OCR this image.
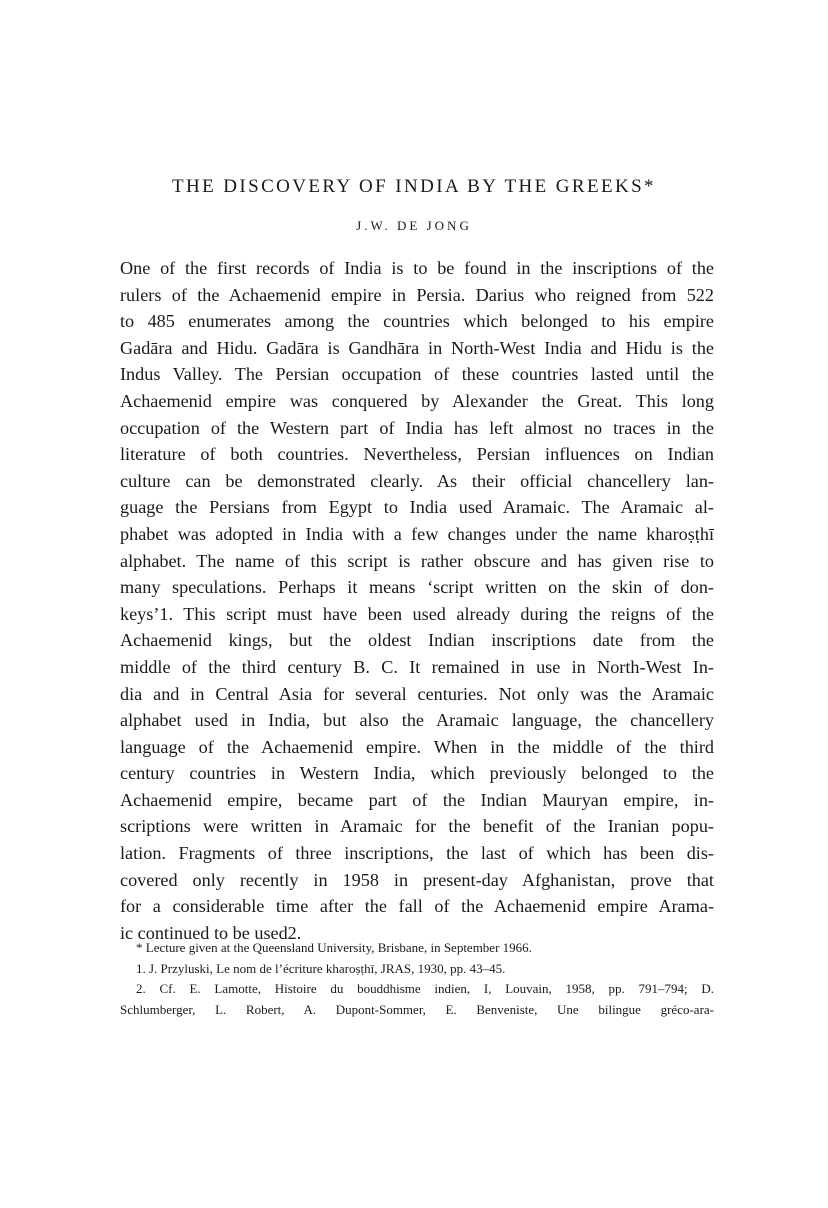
THE DISCOVERY OF INDIA BY THE GREEKS*
J.W. DE JONG
One of the first records of India is to be found in the inscriptions of the
rulers of the Achaemenid empire in Persia. Darius who reigned from 522
to 485 enumerates among the countries which belonged to his empire
Gadāra and Hidu. Gadāra is Gandhāra in North-West India and Hidu is the
Indus Valley. The Persian occupation of these countries lasted until the
Achaemenid empire was conquered by Alexander the Great. This long
occupation of the Western part of India has left almost no traces in the
literature of both countries. Nevertheless, Persian influences on Indian
culture can be demonstrated clearly. As their official chancellery lan-
guage the Persians from Egypt to India used Aramaic. The Aramaic al-
phabet was adopted in India with a few changes under the name kharoṣṭhī
alphabet. The name of this script is rather obscure and has given rise to
many speculations. Perhaps it means ‘script written on the skin of don-
keys’1. This script must have been used already during the reigns of the
Achaemenid kings, but the oldest Indian inscriptions date from the
middle of the third century B. C. It remained in use in North-West In-
dia and in Central Asia for several centuries. Not only was the Aramaic
alphabet used in India, but also the Aramaic language, the chancellery
language of the Achaemenid empire. When in the middle of the third
century countries in Western India, which previously belonged to the
Achaemenid empire, became part of the Indian Mauryan empire, in-
scriptions were written in Aramaic for the benefit of the Iranian popu-
lation. Fragments of three inscriptions, the last of which has been dis-
covered only recently in 1958 in present-day Afghanistan, prove that
for a considerable time after the fall of the Achaemenid empire Arama-
ic continued to be used2.
* Lecture given at the Queensland University, Brisbane, in September 1966.
1. J. Przyluski, Le nom de l’écriture kharoṣṭhī, JRAS, 1930, pp. 43–45.
2. Cf. E. Lamotte, Histoire du bouddhisme indien, I, Louvain, 1958, pp. 791–794; D.
Schlumberger, L. Robert, A. Dupont-Sommer, E. Benveniste, Une bilingue gréco-ara-
